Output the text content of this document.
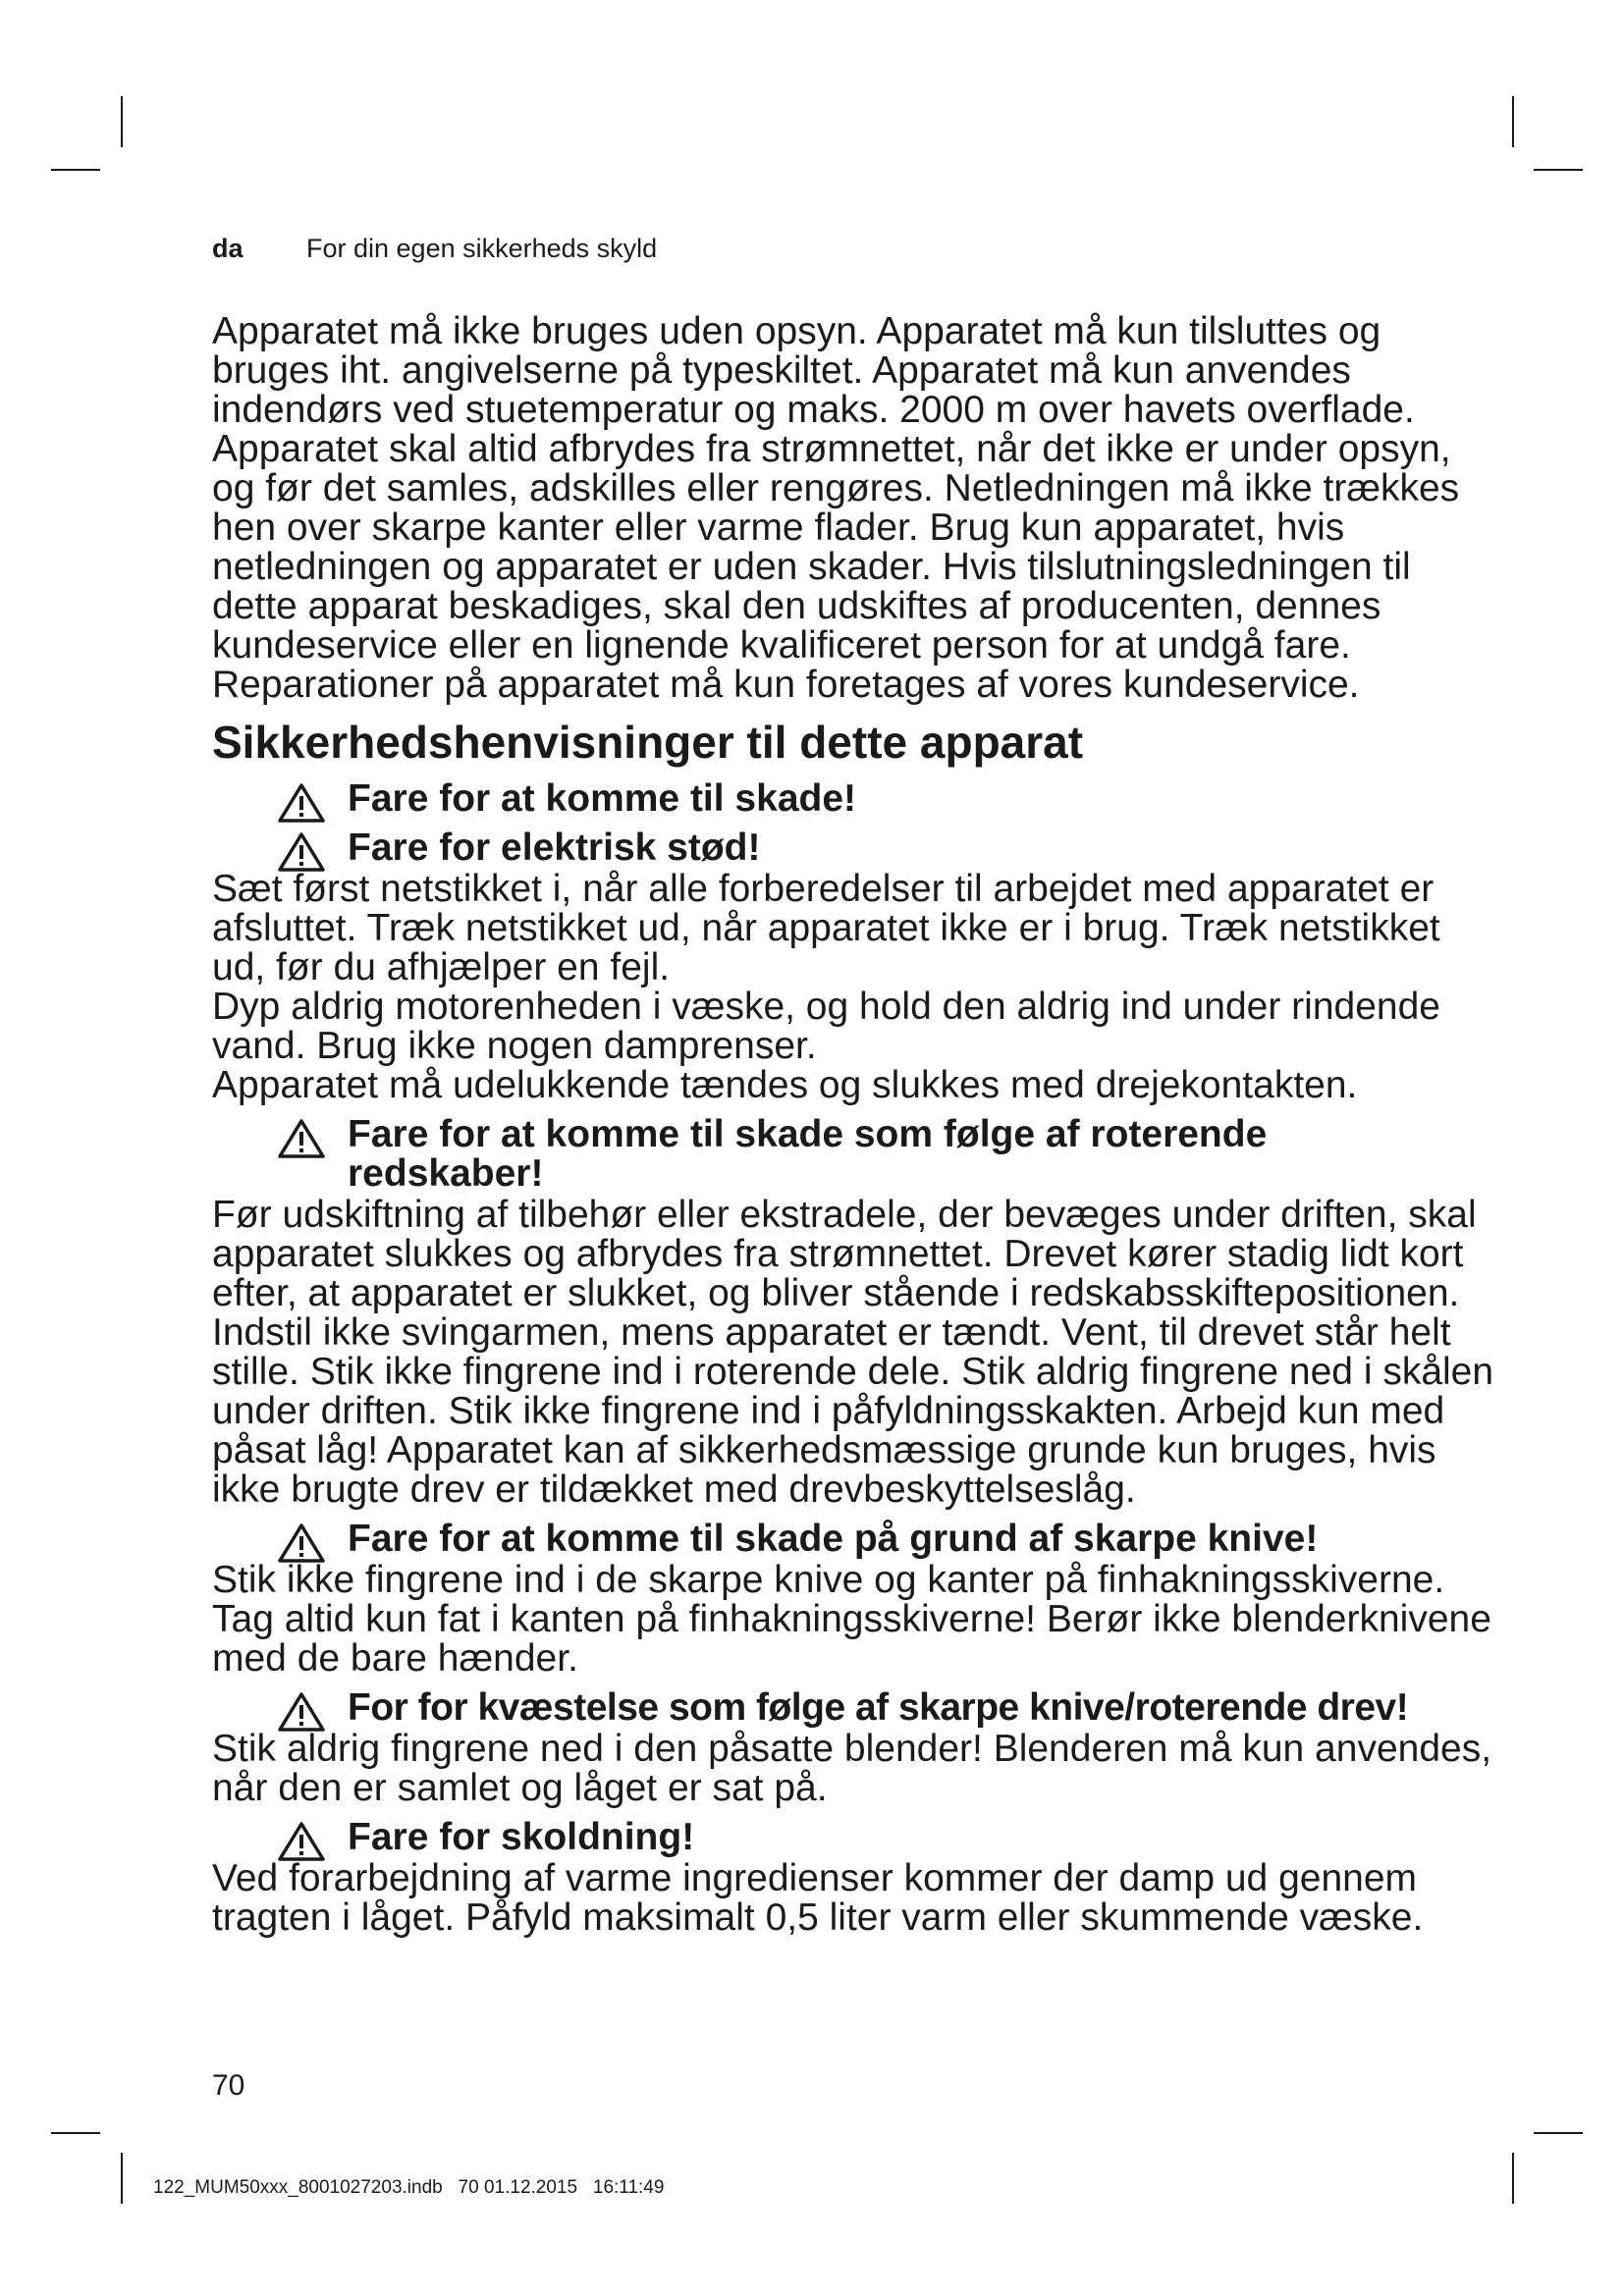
da For din egen sikkerheds skyld

Apparatet må ikke bruges uden opsyn. Apparatet må kun tilsluttes og bruges iht. angivelserne på typeskiltet. Apparatet må kun anvendes indendørs ved stuetemperatur og maks. 2000 m over havets overflade. Apparatet skal altid afbrydes fra strømnettet, når det ikke er under opsyn, og før det samles, adskilles eller rengøres. Netledningen må ikke trækkes hen over skarpe kanter eller varme flader. Brug kun apparatet, hvis netledningen og apparatet er uden skader. Hvis tilslutningsledningen til dette apparat beskadiges, skal den udskiftes af producenten, dennes kundeservice eller en lignende kvalificeret person for at undgå fare. Reparationer på apparatet må kun foretages af vores kundeservice.

Sikkerhedshenvisninger til dette apparat
Fare for at komme til skade!
Fare for elektrisk stød!

Sæt først netstikket i, når alle forberedelser til arbejdet med apparatet er afsluttet. Træk netstikket ud, når apparatet ikke er i brug. Træk netstikket ud, før du afhjælper en fejl.

Dyp aldrig motorenheden i væske, og hold den aldrig ind under rindende vand. Brug ikke nogen damprenser.

Apparatet må udelukkende tændes og slukkes med drejekontakten.

Fare for at komme til skade som følge af roterende redskaber!

Før udskiftning af tilbehør eller ekstradele, der bevæges under driften, skal apparatet slukkes og afbrydes fra strømnettet. Drevet kører stadig lidt kort efter, at apparatet er slukket, og bliver stående i redskabsskiftepositionen. Indstil ikke svingarmen, mens apparatet er tændt. Vent, til drevet står helt stille. Stik ikke fingrene ind i roterende dele. Stik aldrig fingrene ned i skålen under driften. Stik ikke fingrene ind i påfyldningsskakten. Arbejd kun med påsat låg! Apparatet kan af sikkerhedsmæssige grunde kun bruges, hvis ikke brugte drev er tildækket med drevbeskyttelseslåg.

Fare for at komme til skade på grund af skarpe knive!

Stik ikke fingrene ind i de skarpe knive og kanter på finhakningsskiverne. Tag altid kun fat i kanten på finhakningsskiverne! Berør ikke blenderknivene med de bare hænder.

For for kvæstelse som følge af skarpe knive/roterende drev!

Stik aldrig fingrene ned i den påsatte blender! Blenderen må kun anvendes, når den er samlet og låget er sat på.

Fare for skoldning!

Ved forarbejdning af varme ingredienser kommer der damp ud gennem tragten i låget. Påfyld maksimalt 0,5 liter varm eller skummende væske.

70
122_MUM50xxx_8001027203.indb   70 01.12.2015   16:11:49
